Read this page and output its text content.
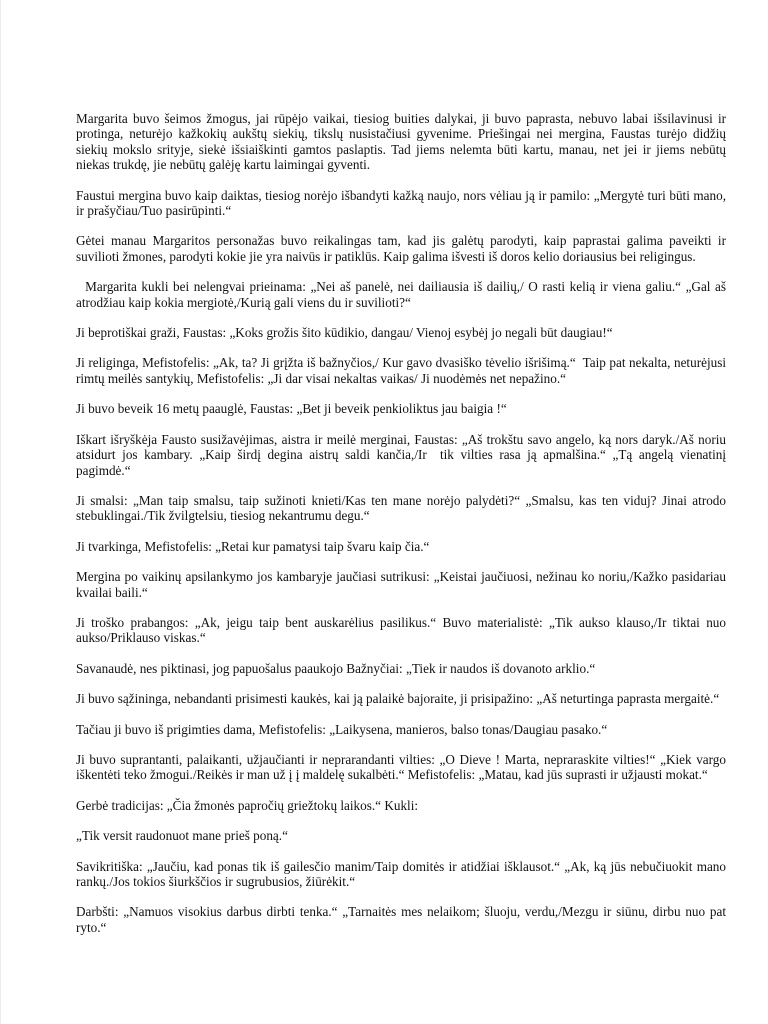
Margarita buvo šeimos žmogus, jai rūpėjo vaikai, tiesiog buities dalykai, ji buvo paprasta, nebuvo labai išsilavinusi ir protinga, neturėjo kažkokių aukštų siekių, tikslų nusistačiusi gyvenime. Priešingai nei mergina, Faustas turėjo didžių siekių mokslo srityje, siekė išsiaiškinti gamtos paslaptis. Tad jiems nelemta būti kartu, manau, net jei ir jiems nebūtų niekas trukdę, jie nebūtų galėję kartu laimingai gyventi.

Faustui mergina buvo kaip daiktas, tiesiog norėjo išbandyti kažką naujo, nors vėliau ją ir pamilo: „Mergytė turi būti mano, ir prašyčiau/Tuo pasirūpinti.“

Gėtei manau Margaritos personažas buvo reikalingas tam, kad jis galėtų parodyti, kaip paprastai galima paveikti ir suvilioti žmones, parodyti kokie jie yra naivūs ir patiklūs. Kaip galima išvesti iš doros kelio doriausius bei religingus.

Margarita kukli bei nelengvai prieinama: „Nei aš panelė, nei dailiausia iš dailių,/ O rasti kelią ir viena galiu.“ „Gal aš atrodžiau kaip kokia mergiotė,/Kurią gali viens du ir suvilioti?“

Ji beprotiškai graži, Faustas: „Koks grožis šito kūdikio, dangau/ Vienoj esybėj jo negali būt daugiau!“

Ji religinga, Mefistofelis: „Ak, ta? Ji grįžta iš bažnyčios,/ Kur gavo dvasiško tėvelio išrišimą.“  Taip pat nekalta, neturėjusi rimtų meilės santykių, Mefistofelis: „Ji dar visai nekaltas vaikas/ Ji nuodėmės net nepažino.“

Ji buvo beveik 16 metų paauglė, Faustas: „Bet ji beveik penkioliktus jau baigia !“

Iškart išryškėja Fausto susižavėjimas, aistra ir meilė merginai, Faustas: „Aš trokštu savo angelo, ką nors daryk./Aš noriu atsidurt jos kambary. „Kaip širdį degina aistrų saldi kančia,/Ir  tik vilties rasa ją apmalšina.“ „Tą angelą vienatinį pagimdė.“

Ji smalsi: „Man taip smalsu, taip sužinoti knieti/Kas ten mane norėjo palydėti?“ „Smalsu, kas ten viduj? Jinai atrodo stebuklingai./Tik žvilgtelsiu, tiesiog nekantrumu degu.“

Ji tvarkinga, Mefistofelis: „Retai kur pamatysi taip švaru kaip čia.“

Mergina po vaikinų apsilankymo jos kambaryje jaučiasi sutrikusi: „Keistai jaučiuosi, nežinau ko noriu,/Kažko pasidariau kvailai baili.“

Ji troško prabangos: „Ak, jeigu taip bent auskarėlius pasilikus.“ Buvo materialistė: „Tik aukso klauso,/Ir tiktai nuo aukso/Priklauso viskas.“

Savanaudė, nes piktinasi, jog papuošalus paaukojo Bažnyčiai: „Tiek ir naudos iš dovanoto arklio.“

Ji buvo sąžininga, nebandanti prisimesti kaukės, kai ją palaikė bajoraite, ji prisipažino: „Aš neturtinga paprasta mergaitė.“

Tačiau ji buvo iš prigimties dama, Mefistofelis: „Laikysena, manieros, balso tonas/Daugiau pasako.“

Ji buvo suprantanti, palaikanti, užjaučianti ir neprarandanti vilties: „O Dieve ! Marta, nepraraskite vilties!“ „Kiek vargo iškentėti teko žmogui./Reikės ir man už į į maldelę sukalbėti.“ Mefistofelis: „Matau, kad jūs suprasti ir užjausti mokat.“

Gerbė tradicijas: „Čia žmonės papročių griežtokų laikos.“ Kukli:

„Tik versit raudonuot mane prieš poną.“

Savikritiška: „Jaučiu, kad ponas tik iš gailesčio manim/Taip domitės ir atidžiai išklausot.“ „Ak, ką jūs nebučiuokit mano rankų./Jos tokios šiurkščios ir sugrubusios, žiūrėkit.“

Darbšti: „Namuos visokius darbus dirbti tenka.“ „Tarnaitės mes nelaikom; šluoju, verdu,/Mezgu ir siūnu, dirbu nuo pat ryto.“
